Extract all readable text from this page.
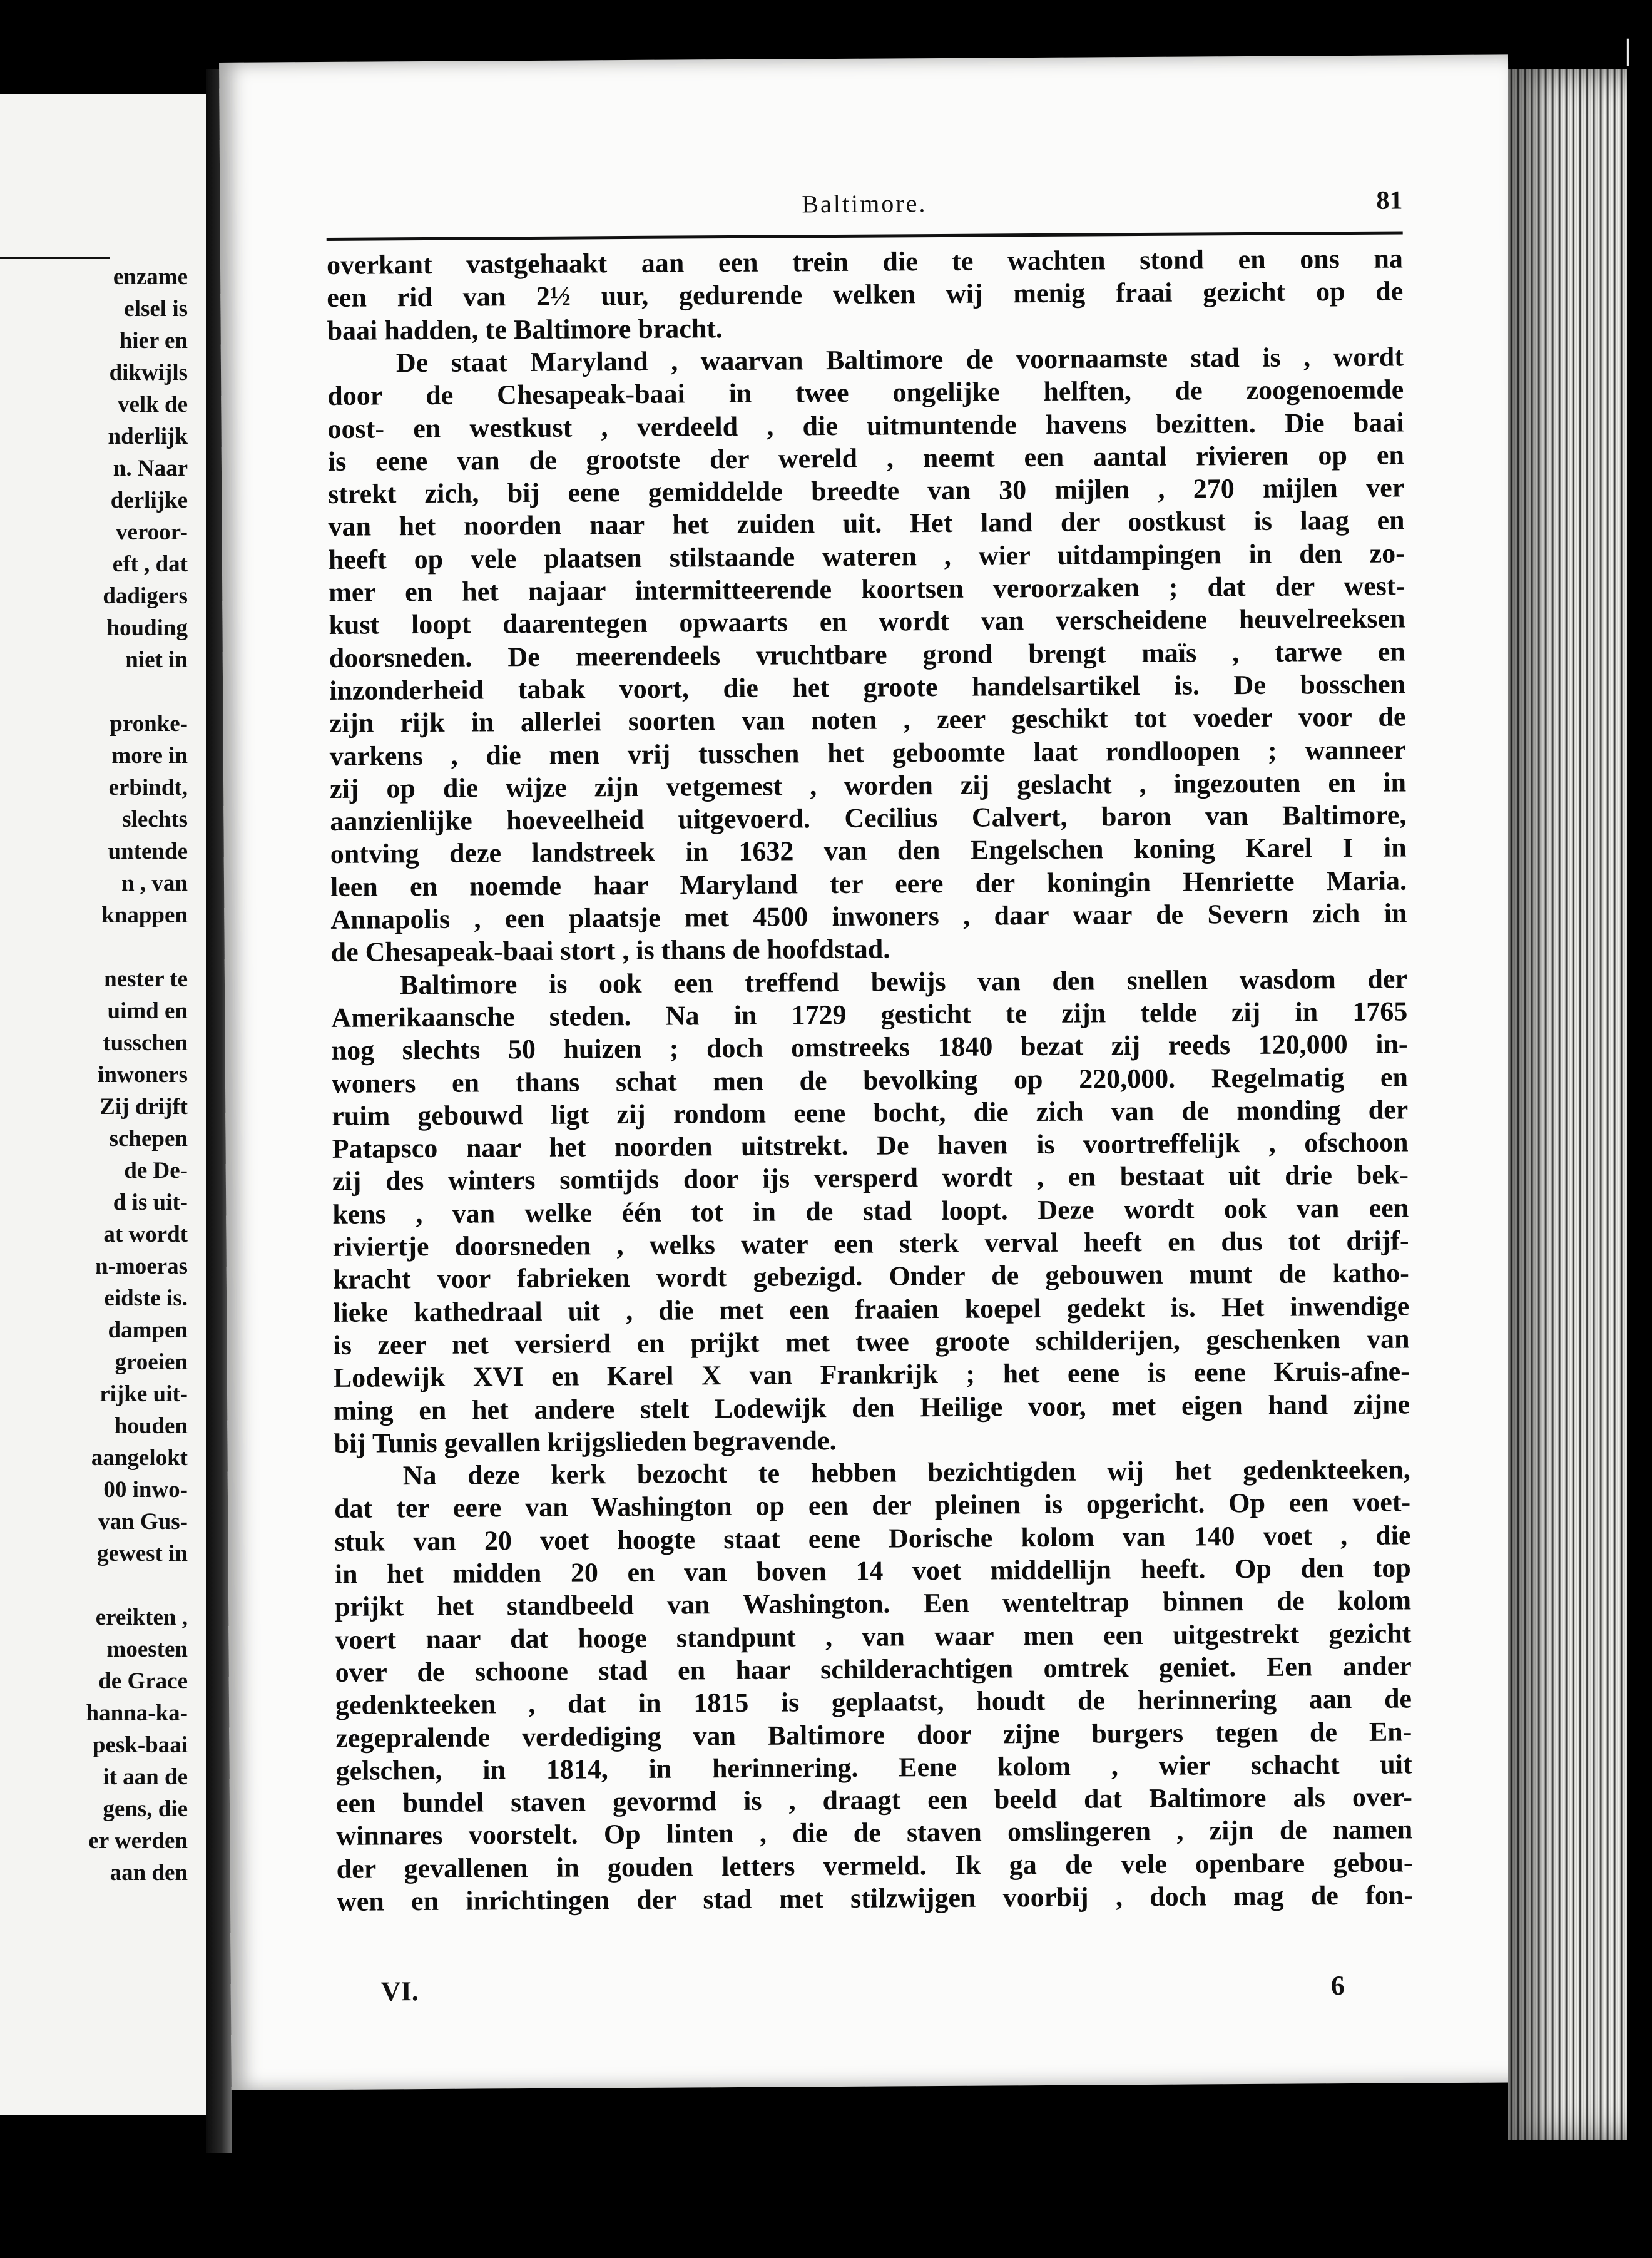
enzame
elsel is
hier en
dikwijls
velk de
nderlijk
n. Naar
derlijke
veroor-
eft , dat
dadigers
houding
niet in
pronke-
more in
erbindt,
slechts
untende
n , van
knappen
nester te
uimd en
tusschen
inwoners
Zij drijft
schepen
de De-
d is uit-
at wordt
n-moeras
eidste is.
dampen
groeien
rijke uit-
houden
aangelokt
00 inwo-
van Gus-
gewest in
ereikten ,
moesten
de Grace
hanna-ka-
pesk-baai
it aan de
gens, die
er werden
aan den
Baltimore.	81
overkant vastgehaakt aan een trein die te wachten stond en ons na
een rid van 2½ uur, gedurende welken wij menig fraai gezicht op de
baai hadden, te Baltimore bracht.
De staat Maryland , waarvan Baltimore de voornaamste stad is , wordt
door de Chesapeak-baai in twee ongelijke helften, de zoogenoemde
oost- en westkust , verdeeld , die uitmuntende havens bezitten. Die baai
is eene van de grootste der wereld , neemt een aantal rivieren op en
strekt zich, bij eene gemiddelde breedte van 30 mijlen , 270 mijlen ver
van het noorden naar het zuiden uit. Het land der oostkust is laag en
heeft op vele plaatsen stilstaande wateren , wier uitdampingen in den zo-
mer en het najaar intermitteerende koortsen veroorzaken ; dat der west-
kust loopt daarentegen opwaarts en wordt van verscheidene heuvelreeksen
doorsneden. De meerendeels vruchtbare grond brengt maïs , tarwe en
inzonderheid tabak voort, die het groote handelsartikel is. De bosschen
zijn rijk in allerlei soorten van noten , zeer geschikt tot voeder voor de
varkens , die men vrij tusschen het geboomte laat rondloopen ; wanneer
zij op die wijze zijn vetgemest , worden zij geslacht , ingezouten en in
aanzienlijke hoeveelheid uitgevoerd. Cecilius Calvert, baron van Baltimore,
ontving deze landstreek in 1632 van den Engelschen koning Karel I in
leen en noemde haar Maryland ter eere der koningin Henriette Maria.
Annapolis , een plaatsje met 4500 inwoners , daar waar de Severn zich in
de Chesapeak-baai stort , is thans de hoofdstad.
Baltimore is ook een treffend bewijs van den snellen wasdom der
Amerikaansche steden. Na in 1729 gesticht te zijn telde zij in 1765
nog slechts 50 huizen ; doch omstreeks 1840 bezat zij reeds 120,000 in-
woners en thans schat men de bevolking op 220,000. Regelmatig en
ruim gebouwd ligt zij rondom eene bocht, die zich van de monding der
Patapsco naar het noorden uitstrekt. De haven is voortreffelijk , ofschoon
zij des winters somtijds door ijs versperd wordt , en bestaat uit drie bek-
kens , van welke één tot in de stad loopt. Deze wordt ook van een
riviertje doorsneden , welks water een sterk verval heeft en dus tot drijf-
kracht voor fabrieken wordt gebezigd. Onder de gebouwen munt de katho-
lieke kathedraal uit , die met een fraaien koepel gedekt is. Het inwendige
is zeer net versierd en prijkt met twee groote schilderijen, geschenken van
Lodewijk XVI en Karel X van Frankrijk ; het eene is eene Kruis-afne-
ming en het andere stelt Lodewijk den Heilige voor, met eigen hand zijne
bij Tunis gevallen krijgslieden begravende.
Na deze kerk bezocht te hebben bezichtigden wij het gedenkteeken,
dat ter eere van Washington op een der pleinen is opgericht. Op een voet-
stuk van 20 voet hoogte staat eene Dorische kolom van 140 voet , die
in het midden 20 en van boven 14 voet middellijn heeft. Op den top
prijkt het standbeeld van Washington. Een wenteltrap binnen de kolom
voert naar dat hooge standpunt , van waar men een uitgestrekt gezicht
over de schoone stad en haar schilderachtigen omtrek geniet. Een ander
gedenkteeken , dat in 1815 is geplaatst, houdt de herinnering aan de
zegepralende verdediging van Baltimore door zijne burgers tegen de En-
gelschen, in 1814, in herinnering. Eene kolom , wier schacht uit
een bundel staven gevormd is , draagt een beeld dat Baltimore als over-
winnares voorstelt. Op linten , die de staven omslingeren , zijn de namen
der gevallenen in gouden letters vermeld. Ik ga de vele openbare gebou-
wen en inrichtingen der stad met stilzwijgen voorbij , doch mag de fon-
VI.	6
ǀ
